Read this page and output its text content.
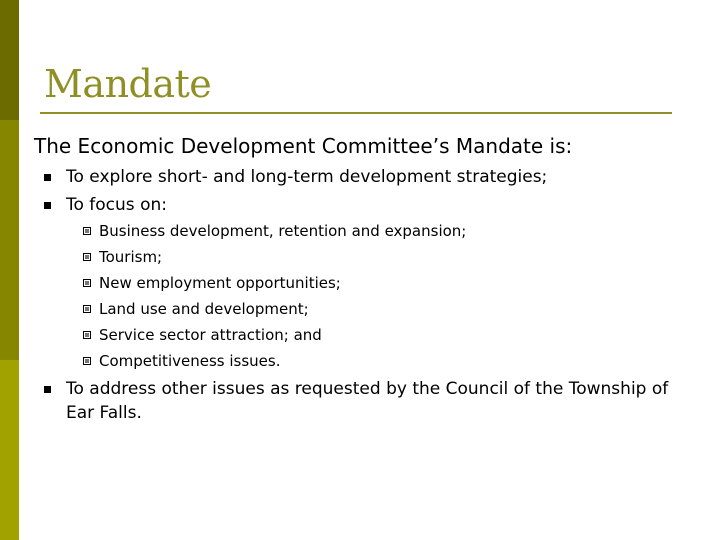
Mandate

The Economic Development Committee’s Mandate is:

To explore short- and long-term development strategies;
To focus on:
Business development, retention and expansion;
Tourism;
New employment opportunities;
Land use and development;
Service sector attraction; and
Competitiveness issues.
To address other issues as requested by the Council of the Township of Ear Falls.
